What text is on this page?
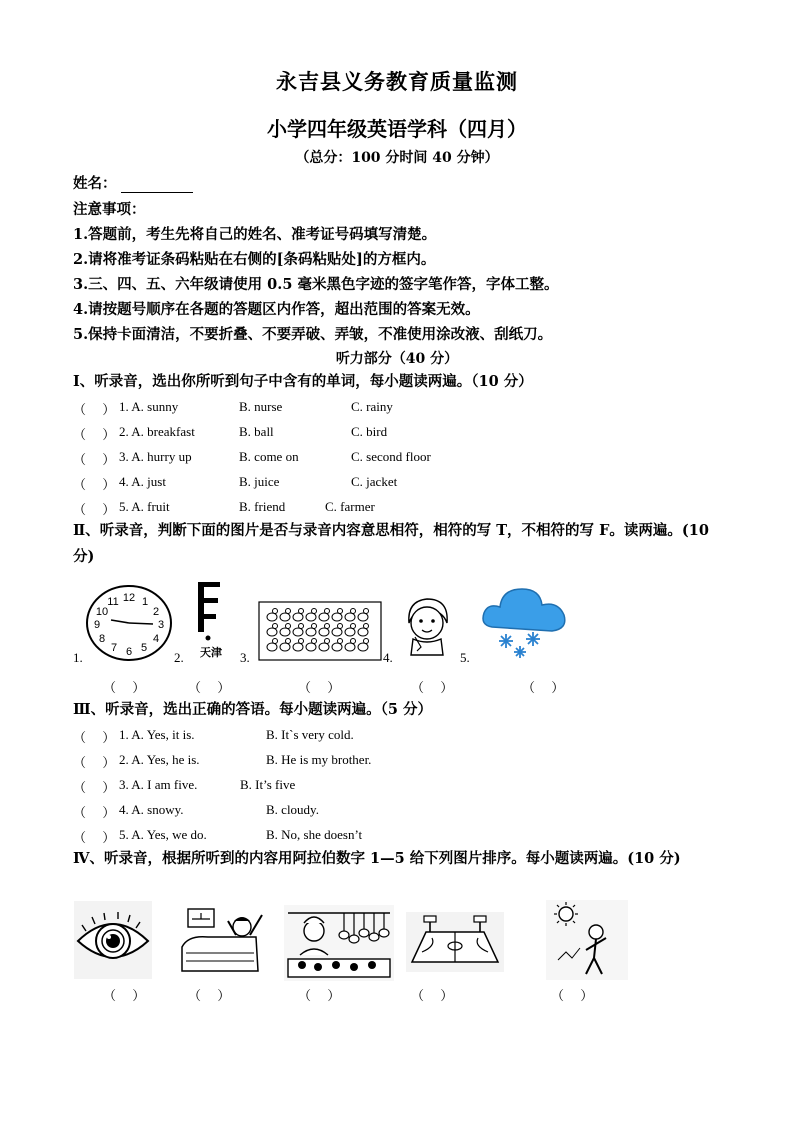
永吉县义务教育质量监测
小学四年级英语学科（四月）
（总分：100 分时间 40 分钟）
姓名：
注意事项：
1.答题前，考生先将自己的姓名、准考证号码填写清楚。
2.请将准考证条码粘贴在右侧的[条码粘贴处]的方框内。
3.三、四、五、六年级请使用 0.5 毫米黑色字迹的签字笔作答，字体工整。
4.请按题号顺序在各题的答题区内作答，超出范围的答案无效。
5.保持卡面清洁，不要折叠、不要弄破、弄皱，不准使用涂改液、刮纸刀。
听力部分（40 分）
I、听录音，选出你所听到句子中含有的单词，每小题读两遍。（10 分）
（　 ） 1. A. sunny	B. nurse	C. rainy
（　 ） 2. A. breakfast	B. ball	C. bird
（　 ） 3. A. hurry up	B. come on	C. second floor
（　 ） 4. A. just	B. juice	C. jacket
（　 ） 5. A. fruit	B. friend	C. farmer
Ⅱ、听录音，判断下面的图片是否与录音内容意思相符，相符的写 T，不相符的写 F。读两遍。(10 分)
12 1
2
3
4
5
6
7
8
9
10
11
天津
1.	2.	3.	4.	5.
（　 ）	（　 ）	（　 ）	（　 ）	（　 ）
Ⅲ、听录音，选出正确的答语。每小题读两遍。（5 分）
（　 ） 1. A. Yes, it is.	B. It`s very cold.
（　 ） 2. A. Yes, he is.	B. He is my brother.
（　 ） 3. A. I am five.	B. It’s five
（　 ） 4. A. snowy.	B. cloudy.
（　 ） 5. A. Yes, we do.	B. No, she doesn’t
Ⅳ、听录音，根据所听到的内容用阿拉伯数字 1—5 给下列图片排序。每小题读两遍。(10 分)
（　 ）	（　 ）	（　 ）	（　 ）	（　 ）
